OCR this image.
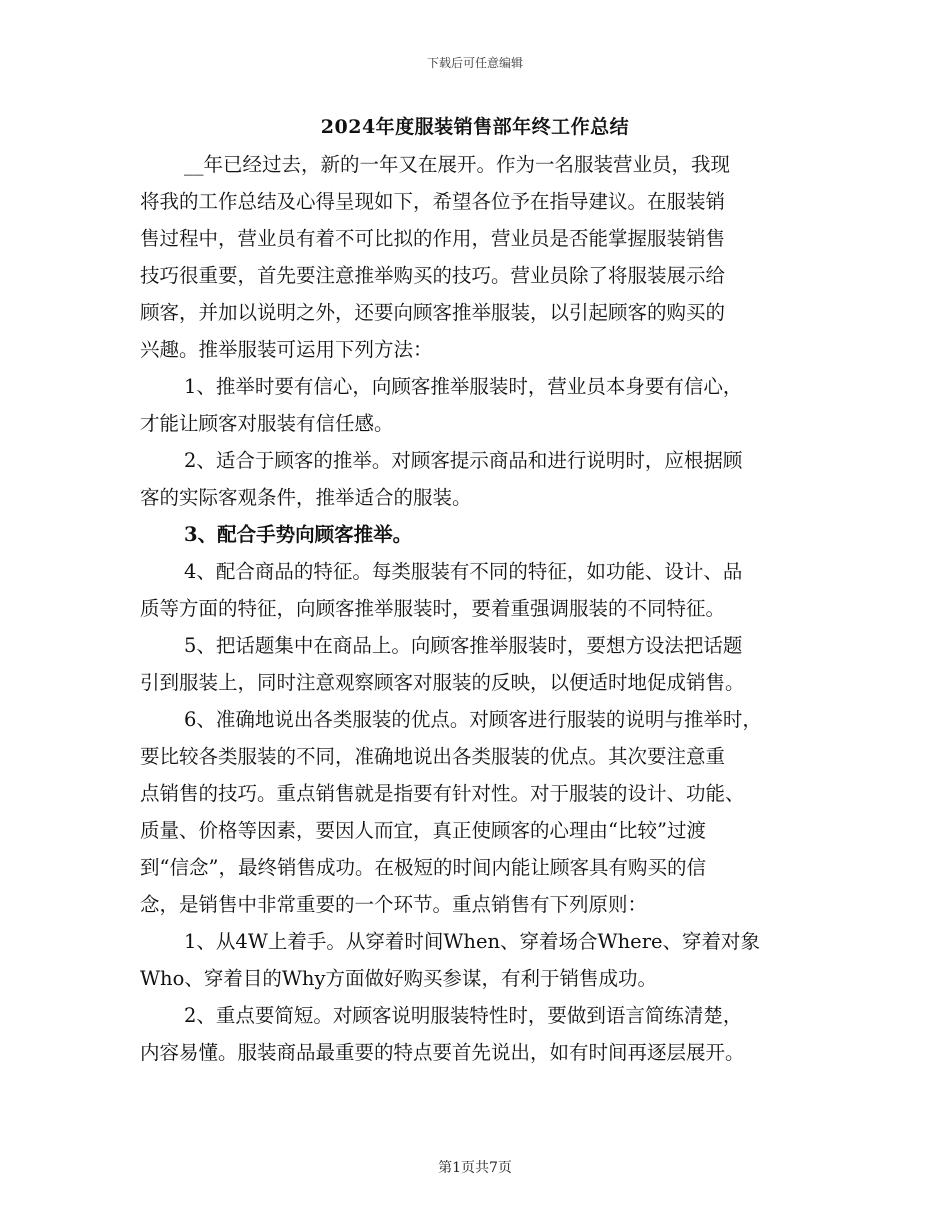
下载后可任意编辑
2024年度服装销售部年终工作总结
__年已经过去，新的一年又在展开。作为一名服装营业员，我现
将我的工作总结及心得呈现如下，希望各位予在指导建议。在服装销
售过程中，营业员有着不可比拟的作用，营业员是否能掌握服装销售
技巧很重要，首先要注意推举购买的技巧。营业员除了将服装展示给
顾客，并加以说明之外，还要向顾客推举服装，以引起顾客的购买的
兴趣。推举服装可运用下列方法：
1、推举时要有信心，向顾客推举服装时，营业员本身要有信心，
才能让顾客对服装有信任感。
2、适合于顾客的推举。对顾客提示商品和进行说明时，应根据顾
客的实际客观条件，推举适合的服装。
3、配合手势向顾客推举。
4、配合商品的特征。每类服装有不同的特征，如功能、设计、品
质等方面的特征，向顾客推举服装时，要着重强调服装的不同特征。
5、把话题集中在商品上。向顾客推举服装时，要想方设法把话题
引到服装上，同时注意观察顾客对服装的反映，以便适时地促成销售。
6、准确地说出各类服装的优点。对顾客进行服装的说明与推举时，
要比较各类服装的不同，准确地说出各类服装的优点。其次要注意重
点销售的技巧。重点销售就是指要有针对性。对于服装的设计、功能、
质量、价格等因素，要因人而宜，真正使顾客的心理由“比较”过渡
到“信念”，最终销售成功。在极短的时间内能让顾客具有购买的信
念，是销售中非常重要的一个环节。重点销售有下列原则：
1、从4W上着手。从穿着时间When、穿着场合Where、穿着对象
Who、穿着目的Why方面做好购买参谋，有利于销售成功。
2、重点要简短。对顾客说明服装特性时，要做到语言简练清楚，
内容易懂。服装商品最重要的特点要首先说出，如有时间再逐层展开。
第1页共7页
